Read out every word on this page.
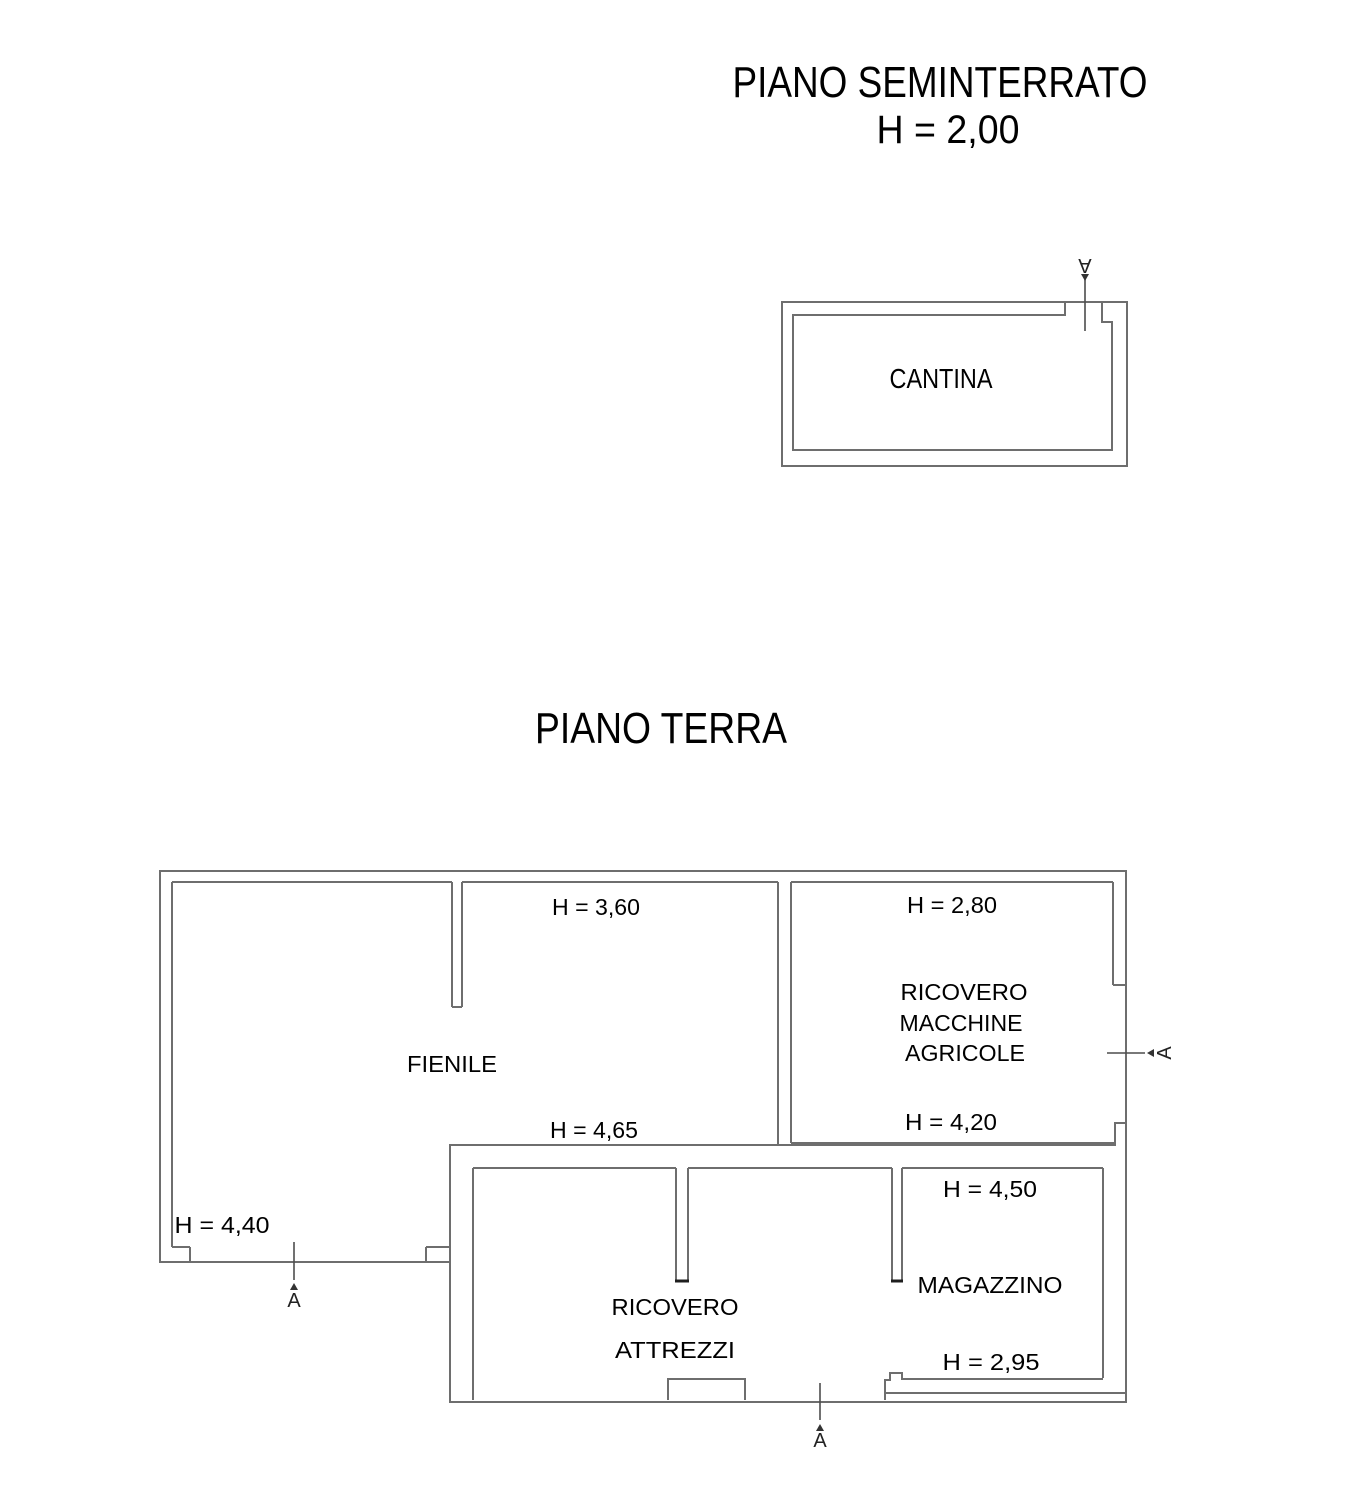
PIANO SEMINTERRATO
H = 2,00
A
CANTINA
PIANO TERRA
A
A
A
H = 3,60
FIENILE
H = 4,65
H = 4,40
H = 2,80
RICOVERO
MACCHINE
AGRICOLE
H = 4,20
H = 4,50
MAGAZZINO
H = 2,95
RICOVERO
ATTREZZI
